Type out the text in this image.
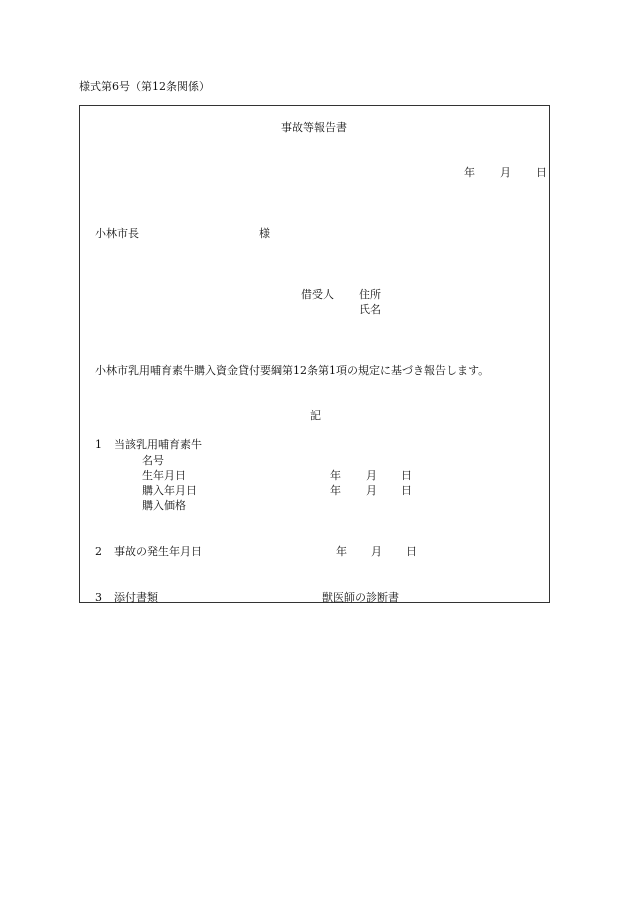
様式第6号（第12条関係）
事故等報告書
年 月 日
小林市長	様
借受人 住所
氏名
小林市乳用哺育素牛購入資金貸付要綱第12条第1項の規定に基づき報告します。
記
1 当該乳用哺育素牛
名号
生年月日	年 月 日
購入年月日	年 月 日
購入価格
2 事故の発生年月日	年 月 日
3 添付書類	獣医師の診断書
